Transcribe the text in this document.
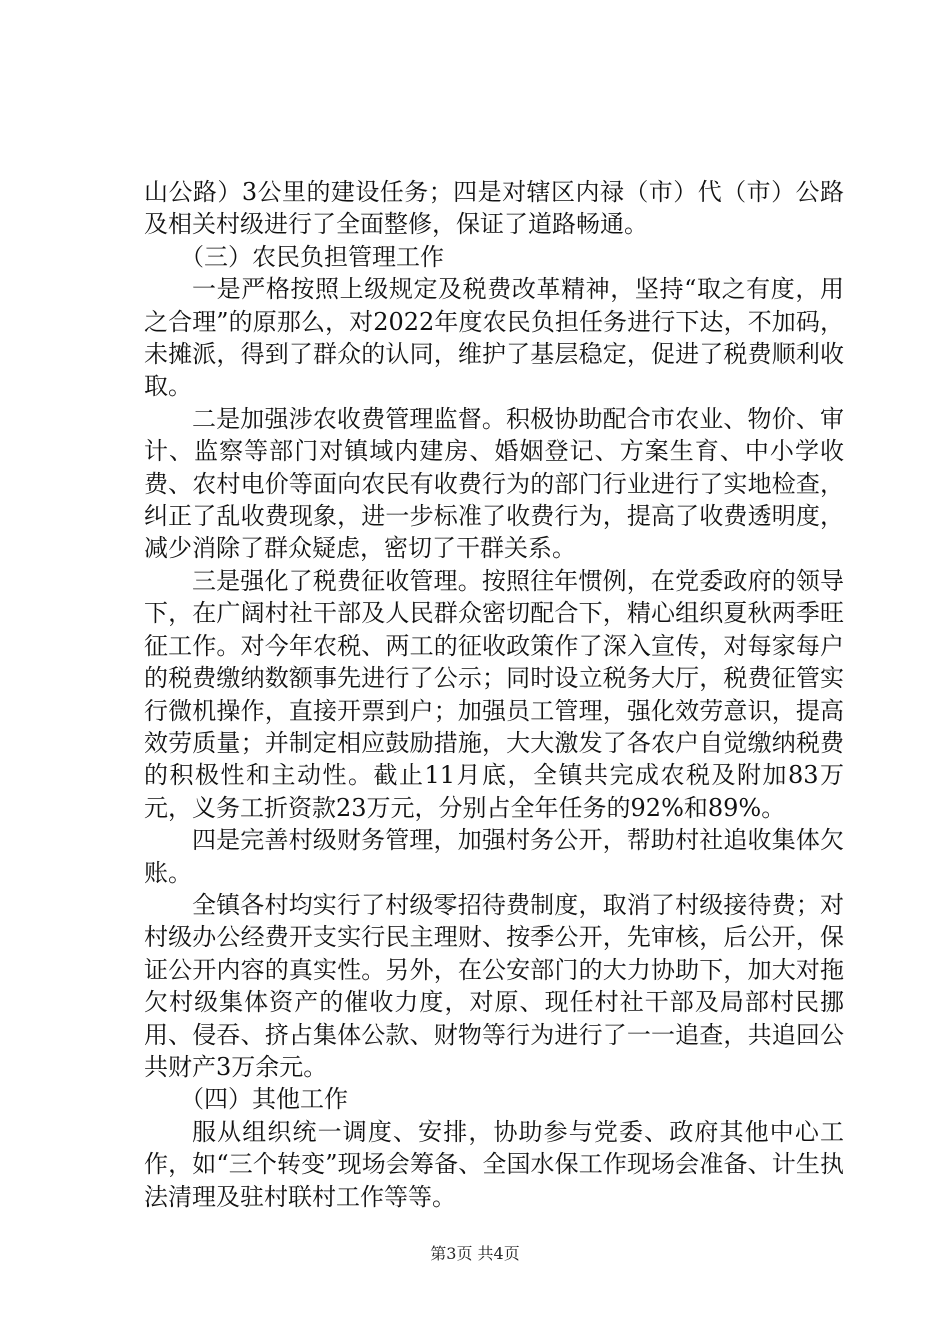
山公路）3公里的建设任务；四是对辖区内禄（市）代（市）公路及相关村级进行了全面整修，保证了道路畅通。

（三）农民负担管理工作

一是严格按照上级规定及税费改革精神，坚持“取之有度，用之合理”的原那么，对2022年度农民负担任务进行下达，不加码，未摊派，得到了群众的认同，维护了基层稳定，促进了税费顺利收取。

二是加强涉农收费管理监督。积极协助配合市农业、物价、审计、监察等部门对镇域内建房、婚姻登记、方案生育、中小学收费、农村电价等面向农民有收费行为的部门行业进行了实地检查，纠正了乱收费现象，进一步标准了收费行为，提高了收费透明度，减少消除了群众疑虑，密切了干群关系。

三是强化了税费征收管理。按照往年惯例，在党委政府的领导下，在广阔村社干部及人民群众密切配合下，精心组织夏秋两季旺征工作。对今年农税、两工的征收政策作了深入宣传，对每家每户的税费缴纳数额事先进行了公示；同时设立税务大厅，税费征管实行微机操作，直接开票到户；加强员工管理，强化效劳意识，提高效劳质量；并制定相应鼓励措施，大大激发了各农户自觉缴纳税费的积极性和主动性。截止11月底，全镇共完成农税及附加83万元，义务工折资款23万元，分别占全年任务的92%和89%。

四是完善村级财务管理，加强村务公开，帮助村社追收集体欠账。

全镇各村均实行了村级零招待费制度，取消了村级接待费；对村级办公经费开支实行民主理财、按季公开，先审核，后公开，保证公开内容的真实性。另外，在公安部门的大力协助下，加大对拖欠村级集体资产的催收力度，对原、现任村社干部及局部村民挪用、侵吞、挤占集体公款、财物等行为进行了一一追查，共追回公共财产3万余元。

（四）其他工作

服从组织统一调度、安排，协助参与党委、政府其他中心工作，如“三个转变”现场会筹备、全国水保工作现场会准备、计生执法清理及驻村联村工作等等。

第3页 共4页
